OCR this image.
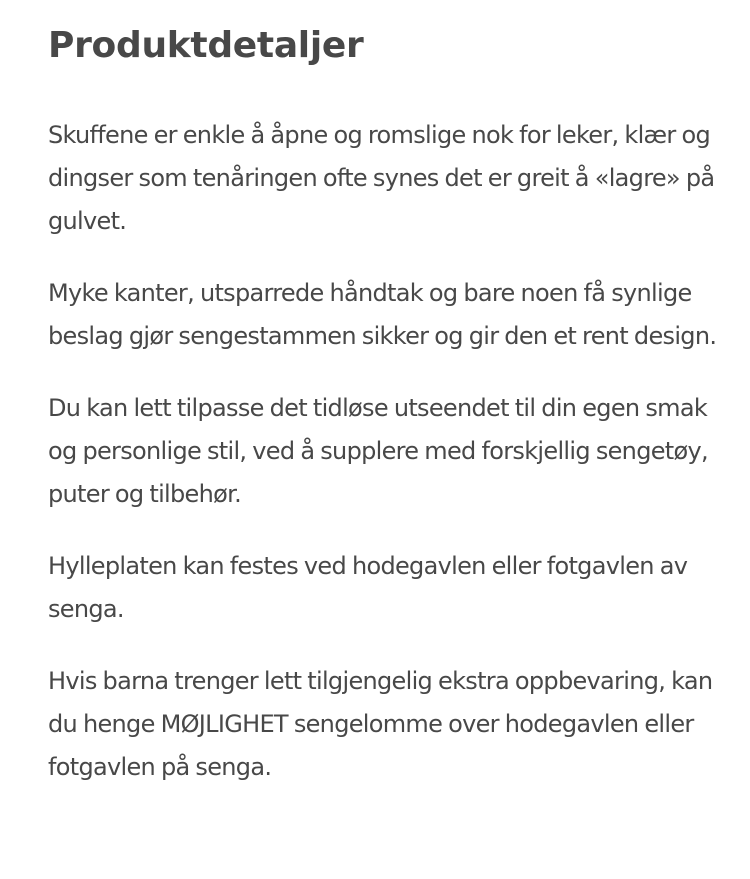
Produktdetaljer

Skuffene er enkle å åpne og romslige nok for leker, klær og dingser som tenåringen ofte synes det er greit å «lagre» på gulvet.

Myke kanter, utsparrede håndtak og bare noen få synlige beslag gjør sengestammen sikker og gir den et rent design.

Du kan lett tilpasse det tidløse utseendet til din egen smak og personlige stil, ved å supplere med forskjellig sengetøy, puter og tilbehør.

Hylleplaten kan festes ved hodegavlen eller fotgavlen av senga.

Hvis barna trenger lett tilgjengelig ekstra oppbevaring, kan du henge MØJLIGHET sengelomme over hodegavlen eller fotgavlen på senga.
